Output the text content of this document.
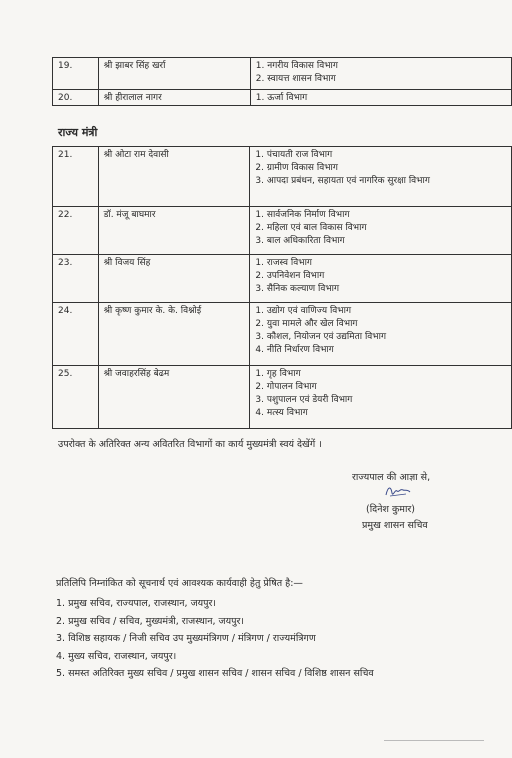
19.	श्री झाबर सिंह खर्रा	1. नगरीय विकास विभाग
2. स्वायत्त शासन विभाग

20.	श्री हीरालाल नागर	1. ऊर्जा विभाग
राज्य मंत्री
21.	श्री ओटा राम देवासी	1. पंचायती राज विभाग
2. ग्रामीण विकास विभाग
3. आपदा प्रबंधन, सहायता एवं नागरिक सुरक्षा विभाग

22.	डॉ. मंजू बाघमार	1. सार्वजनिक निर्माण विभाग
2. महिला एवं बाल विकास विभाग
3. बाल अधिकारिता विभाग

23.	श्री विजय सिंह	1. राजस्व विभाग
2. उपनिवेशन विभाग
3. सैनिक कल्याण विभाग

24.	श्री कृष्ण कुमार के. के. विश्नोई	1. उद्योग एवं वाणिज्य विभाग
2. युवा मामले और खेल विभाग
3. कौशल, नियोजन एवं उद्यमिता विभाग
4. नीति निर्धारण विभाग

25.	श्री जवाहरसिंह बेढम	1. गृह विभाग
2. गोपालन विभाग
3. पशुपालन एवं डेयरी विभाग
4. मत्स्य विभाग
उपरोक्त के अतिरिक्त अन्य अवितरित विभागों का कार्य मुख्यमंत्री स्वयं देखेंगें ।
राज्यपाल की आज्ञा से,
(दिनेश कुमार)
प्रमुख शासन सचिव
प्रतिलिपि निम्नांकित को सूचनार्थ एवं आवश्यक कार्यवाही हेतु प्रेषित है:—
1. प्रमुख सचिव, राज्यपाल, राजस्थान, जयपुर।
2. प्रमुख सचिव / सचिव, मुख्यमंत्री, राजस्थान, जयपुर।
3. विशिष्ठ सहायक / निजी सचिव उप मुख्यमंत्रिगण / मंत्रिगण / राज्यमंत्रिगण
4. मुख्य सचिव, राजस्थान, जयपुर।
5. समस्त अतिरिक्त मुख्य सचिव / प्रमुख शासन सचिव / शासन सचिव / विशिष्ठ शासन सचिव
